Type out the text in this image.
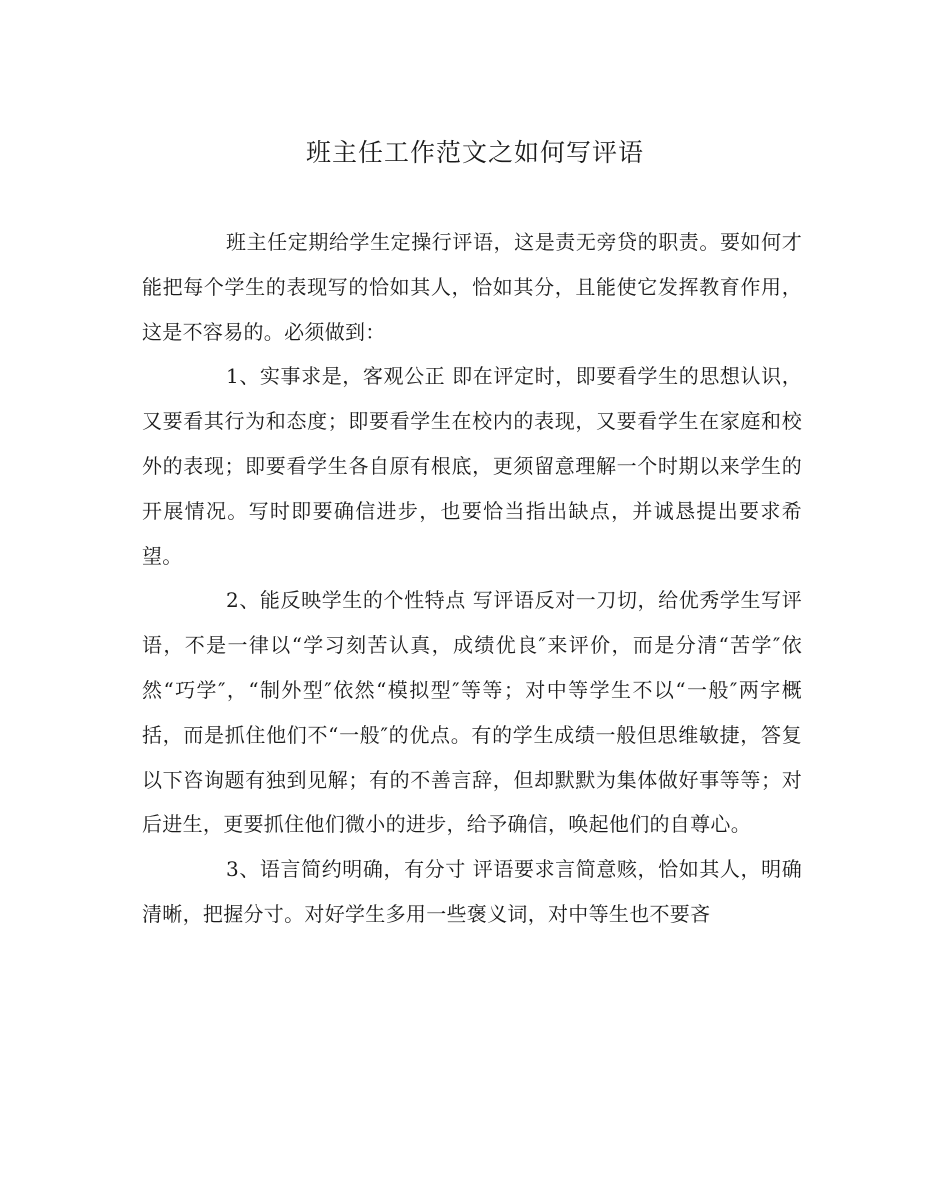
班主任工作范文之如何写评语

班主任定期给学生定操行评语，这是责无旁贷的职责。要如何才能把每个学生的表现写的恰如其人，恰如其分，且能使它发挥教育作用，这是不容易的。必须做到：

1、实事求是，客观公正 即在评定时，即要看学生的思想认识，又要看其行为和态度；即要看学生在校内的表现，又要看学生在家庭和校外的表现；即要看学生各自原有根底，更须留意理解一个时期以来学生的开展情况。写时即要确信进步，也要恰当指出缺点，并诚恳提出要求希望。

2、能反映学生的个性特点 写评语反对一刀切，给优秀学生写评语，不是一律以“学习刻苦认真，成绩优良″来评价，而是分清“苦学″依然“巧学″，“制外型″依然“模拟型″等等；对中等学生不以“一般″两字概括，而是抓住他们不“一般″的优点。有的学生成绩一般但思维敏捷，答复以下咨询题有独到见解；有的不善言辞，但却默默为集体做好事等等；对后进生，更要抓住他们微小的进步，给予确信，唤起他们的自尊心。

3、语言简约明确，有分寸 评语要求言简意赅，恰如其人，明确清晰，把握分寸。对好学生多用一些褒义词，对中等生也不要吝
